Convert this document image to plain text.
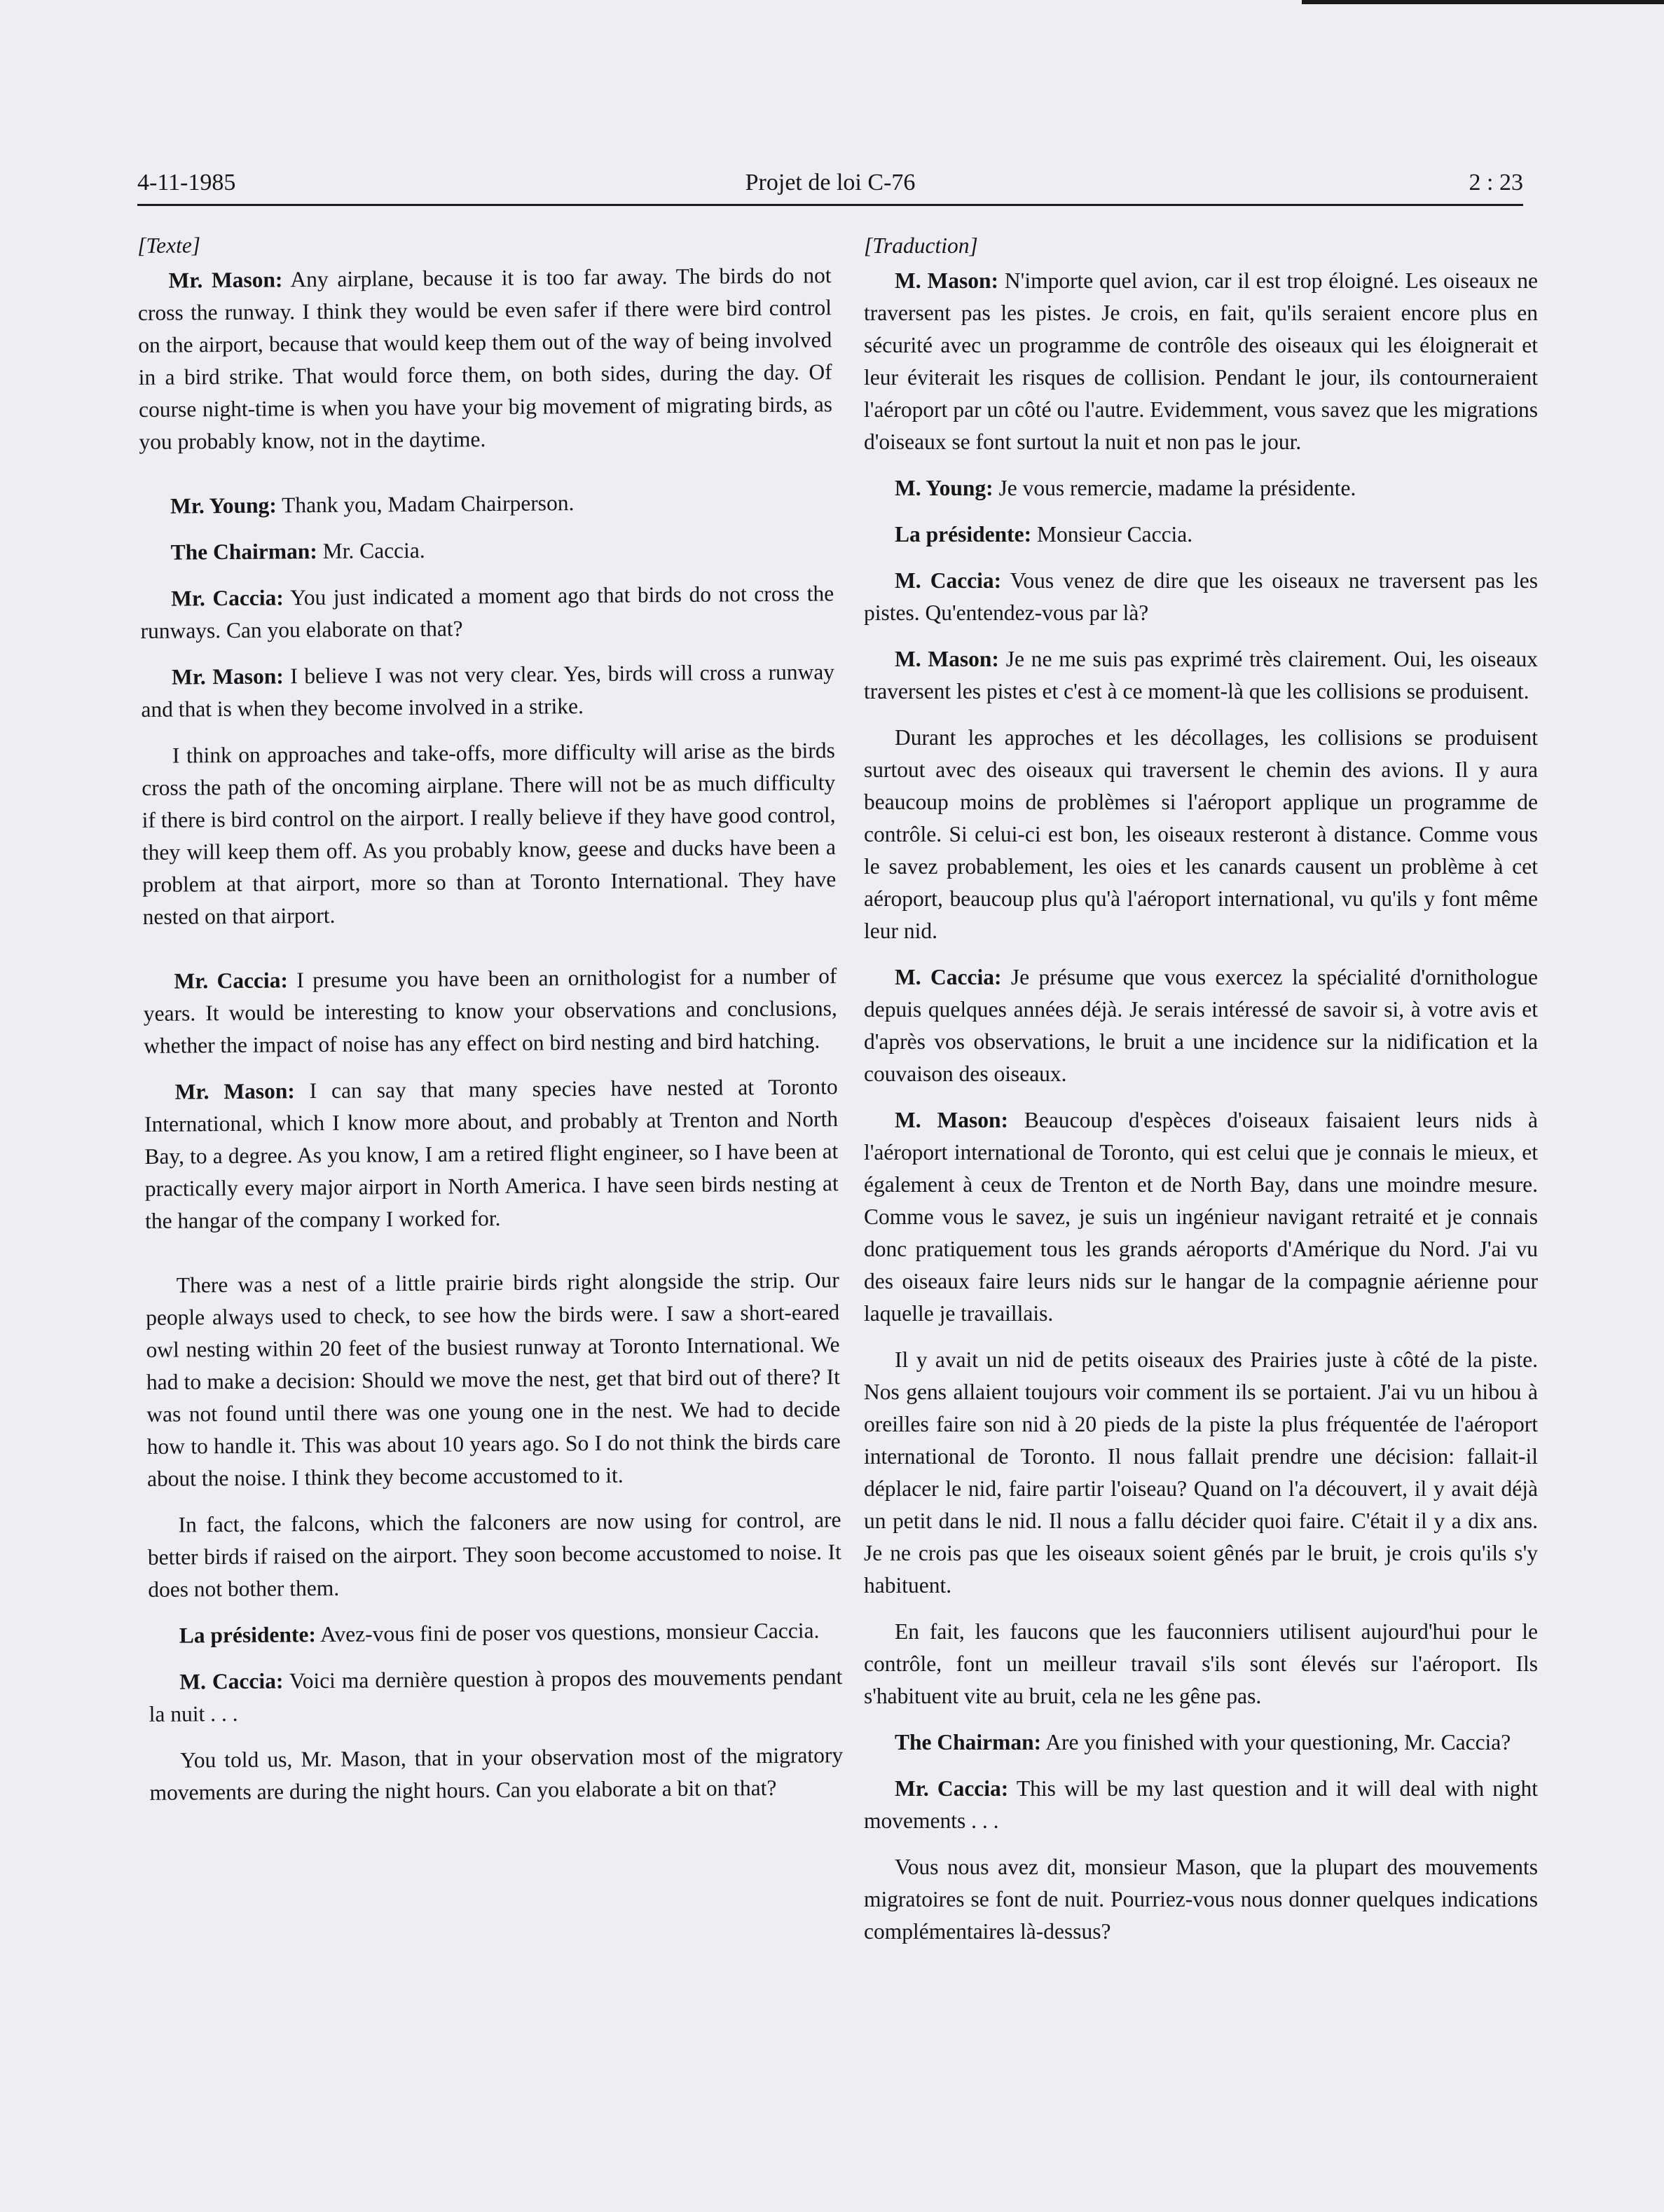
4-11-1985	Projet de loi C-76	2 : 23

[Texte]

Mr. Mason: Any airplane, because it is too far away. The birds do not cross the runway. I think they would be even safer if there were bird control on the airport, because that would keep them out of the way of being involved in a bird strike. That would force them, on both sides, during the day. Of course night-time is when you have your big movement of migrating birds, as you probably know, not in the daytime.

Mr. Young: Thank you, Madam Chairperson.

The Chairman: Mr. Caccia.

Mr. Caccia: You just indicated a moment ago that birds do not cross the runways. Can you elaborate on that?

Mr. Mason: I believe I was not very clear. Yes, birds will cross a runway and that is when they become involved in a strike.

I think on approaches and take-offs, more difficulty will arise as the birds cross the path of the oncoming airplane. There will not be as much difficulty if there is bird control on the airport. I really believe if they have good control, they will keep them off. As you probably know, geese and ducks have been a problem at that airport, more so than at Toronto International. They have nested on that airport.

Mr. Caccia: I presume you have been an ornithologist for a number of years. It would be interesting to know your observations and conclusions, whether the impact of noise has any effect on bird nesting and bird hatching.

Mr. Mason: I can say that many species have nested at Toronto International, which I know more about, and probably at Trenton and North Bay, to a degree. As you know, I am a retired flight engineer, so I have been at practically every major airport in North America. I have seen birds nesting at the hangar of the company I worked for.

There was a nest of a little prairie birds right alongside the strip. Our people always used to check, to see how the birds were. I saw a short-eared owl nesting within 20 feet of the busiest runway at Toronto International. We had to make a decision: Should we move the nest, get that bird out of there? It was not found until there was one young one in the nest. We had to decide how to handle it. This was about 10 years ago. So I do not think the birds care about the noise. I think they become accustomed to it.

In fact, the falcons, which the falconers are now using for control, are better birds if raised on the airport. They soon become accustomed to noise. It does not bother them.

La présidente: Avez-vous fini de poser vos questions, monsieur Caccia.

M. Caccia: Voici ma dernière question à propos des mouvements pendant la nuit . . .

You told us, Mr. Mason, that in your observation most of the migratory movements are during the night hours. Can you elaborate a bit on that?

[Traduction]

M. Mason: N'importe quel avion, car il est trop éloigné. Les oiseaux ne traversent pas les pistes. Je crois, en fait, qu'ils seraient encore plus en sécurité avec un programme de contrôle des oiseaux qui les éloignerait et leur éviterait les risques de collision. Pendant le jour, ils contourneraient l'aéroport par un côté ou l'autre. Evidemment, vous savez que les migrations d'oiseaux se font surtout la nuit et non pas le jour.

M. Young: Je vous remercie, madame la présidente.

La présidente: Monsieur Caccia.

M. Caccia: Vous venez de dire que les oiseaux ne traversent pas les pistes. Qu'entendez-vous par là?

M. Mason: Je ne me suis pas exprimé très clairement. Oui, les oiseaux traversent les pistes et c'est à ce moment-là que les collisions se produisent.

Durant les approches et les décollages, les collisions se produisent surtout avec des oiseaux qui traversent le chemin des avions. Il y aura beaucoup moins de problèmes si l'aéroport applique un programme de contrôle. Si celui-ci est bon, les oiseaux resteront à distance. Comme vous le savez probablement, les oies et les canards causent un problème à cet aéroport, beaucoup plus qu'à l'aéroport international, vu qu'ils y font même leur nid.

M. Caccia: Je présume que vous exercez la spécialité d'ornithologue depuis quelques années déjà. Je serais intéressé de savoir si, à votre avis et d'après vos observations, le bruit a une incidence sur la nidification et la couvaison des oiseaux.

M. Mason: Beaucoup d'espèces d'oiseaux faisaient leurs nids à l'aéroport international de Toronto, qui est celui que je connais le mieux, et également à ceux de Trenton et de North Bay, dans une moindre mesure. Comme vous le savez, je suis un ingénieur navigant retraité et je connais donc pratiquement tous les grands aéroports d'Amérique du Nord. J'ai vu des oiseaux faire leurs nids sur le hangar de la compagnie aérienne pour laquelle je travaillais.

Il y avait un nid de petits oiseaux des Prairies juste à côté de la piste. Nos gens allaient toujours voir comment ils se portaient. J'ai vu un hibou à oreilles faire son nid à 20 pieds de la piste la plus fréquentée de l'aéroport international de Toronto. Il nous fallait prendre une décision: fallait-il déplacer le nid, faire partir l'oiseau? Quand on l'a découvert, il y avait déjà un petit dans le nid. Il nous a fallu décider quoi faire. C'était il y a dix ans. Je ne crois pas que les oiseaux soient gênés par le bruit, je crois qu'ils s'y habituent.

En fait, les faucons que les fauconniers utilisent aujourd'hui pour le contrôle, font un meilleur travail s'ils sont élevés sur l'aéroport. Ils s'habituent vite au bruit, cela ne les gêne pas.

The Chairman: Are you finished with your questioning, Mr. Caccia?

Mr. Caccia: This will be my last question and it will deal with night movements . . .

Vous nous avez dit, monsieur Mason, que la plupart des mouvements migratoires se font de nuit. Pourriez-vous nous donner quelques indications complémentaires là-dessus?
